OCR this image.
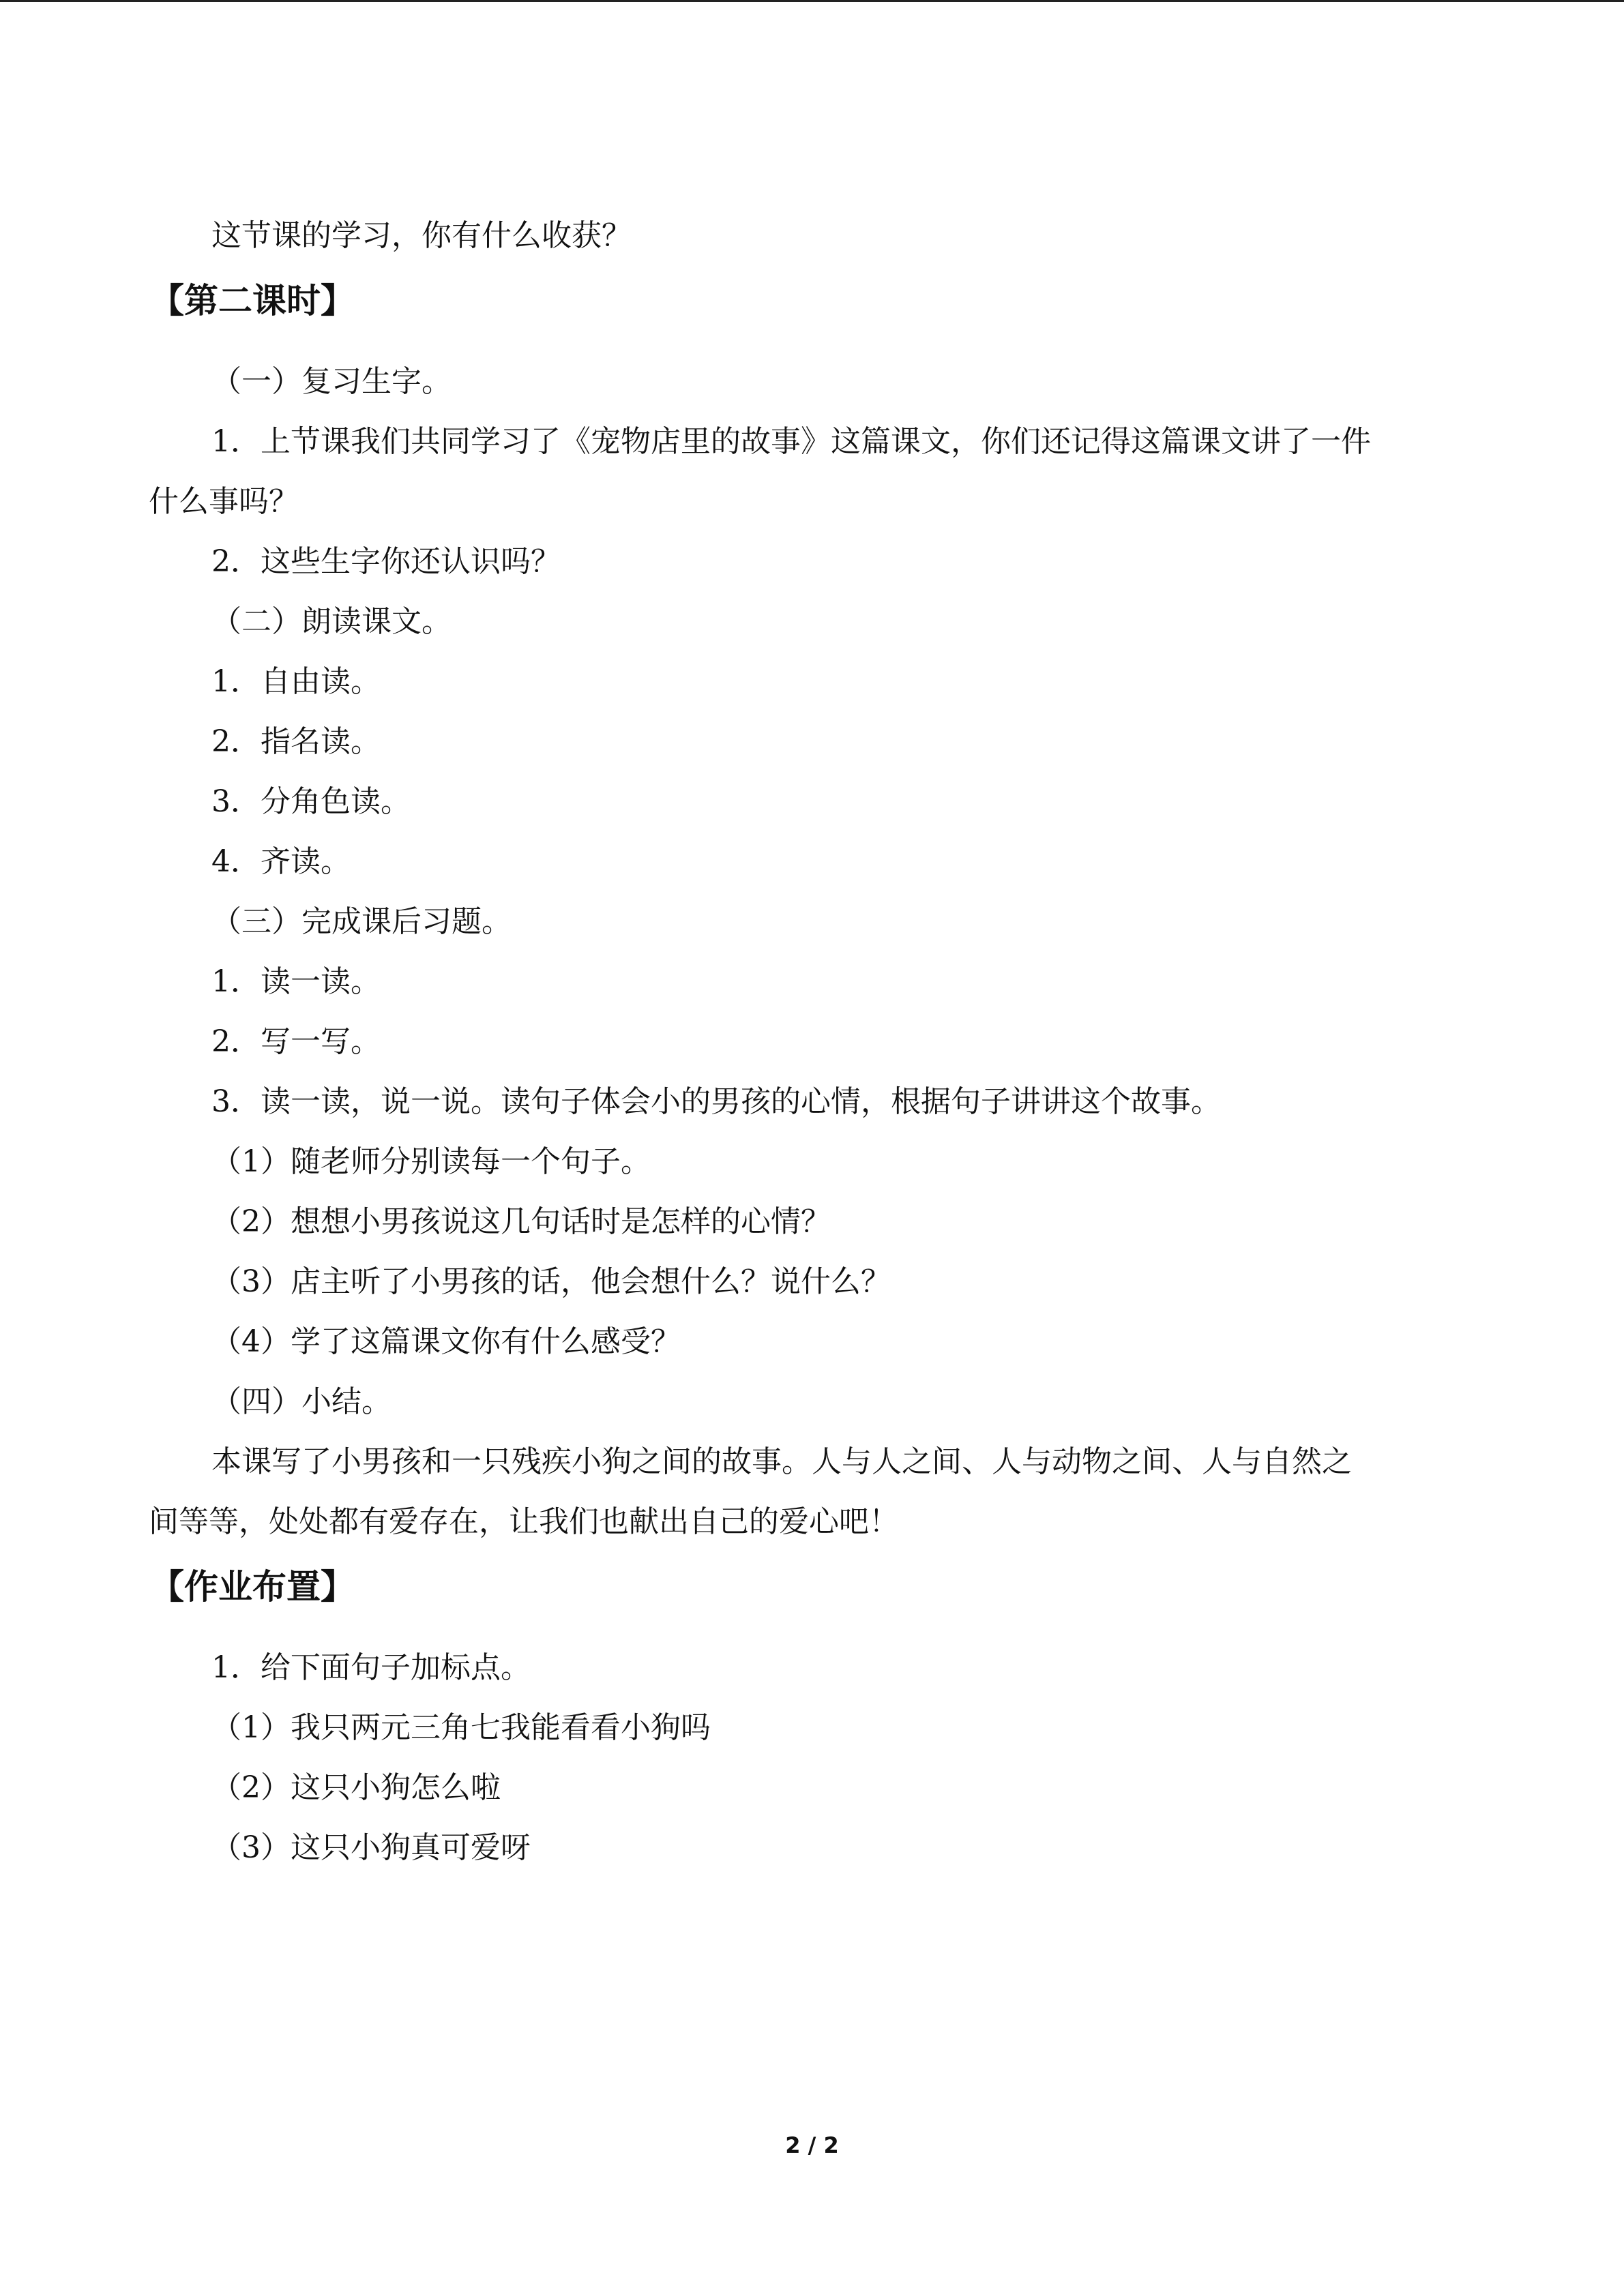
这节课的学习，你有什么收获？
【第二课时】
（一）复习生字。
1．上节课我们共同学习了《宠物店里的故事》这篇课文，你们还记得这篇课文讲了一件
什么事吗？
2．这些生字你还认识吗？
（二）朗读课文。
1．自由读。
2．指名读。
3．分角色读。
4．齐读。
（三）完成课后习题。
1．读一读。
2．写一写。
3．读一读，说一说。读句子体会小的男孩的心情，根据句子讲讲这个故事。
（1）随老师分别读每一个句子。
（2）想想小男孩说这几句话时是怎样的心情？
（3）店主听了小男孩的话，他会想什么？说什么？
（4）学了这篇课文你有什么感受？
（四）小结。
本课写了小男孩和一只残疾小狗之间的故事。人与人之间、人与动物之间、人与自然之
间等等，处处都有爱存在，让我们也献出自己的爱心吧！
【作业布置】
1．给下面句子加标点。
（1）我只两元三角七我能看看小狗吗
（2）这只小狗怎么啦
（3）这只小狗真可爱呀
2 / 2
